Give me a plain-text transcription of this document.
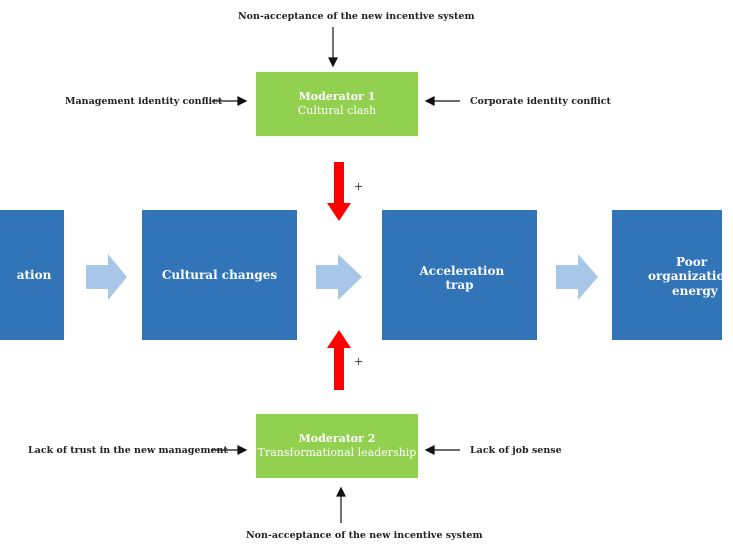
Non-acceptance of the new incentive system
Management identity conflict	Moderator 1
Cultural clash
Corporate identity conflict
+
ation	Cultural changes	Acceleration trap
Poor
organization
energy
+
Lack of trust in the new management
Moderator 2
Transformational leadership	Lack of job sense
Non-acceptance of the new incentive system
